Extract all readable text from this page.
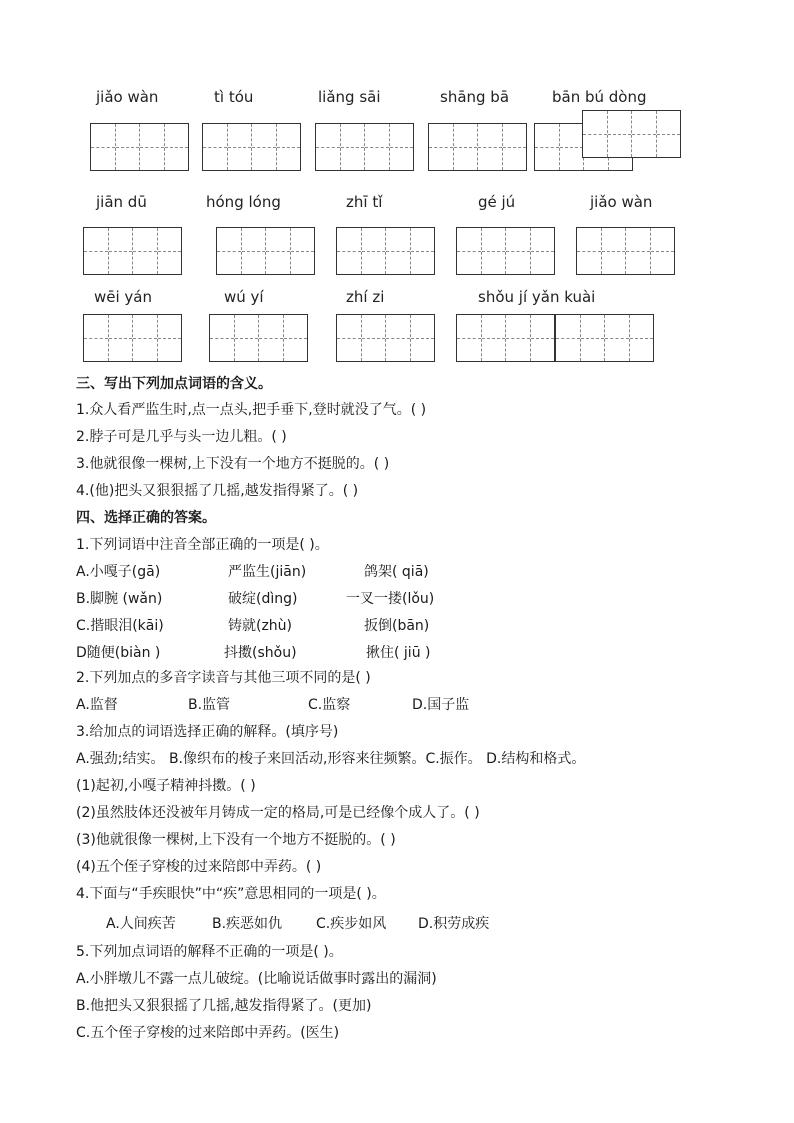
jiǎo wàn	tì tóu	liǎng sāi	shāng bā	bān bú dòng
jiān dū	hóng lóng	zhī tǐ	gé jú	jiǎo wàn
wēi yán	wú yí	zhí zi	shǒu jí yǎn kuài
三、写出下列加点词语的含义。
1.众人看严监生时,点一点头,把手垂下,登时就没了气。( )
2.脖子可是几乎与头一边儿粗。( )
3.他就很像一棵树,上下没有一个地方不挺脱的。( )
4.(他)把头又狠狠摇了几摇,越发指得紧了。( )
四、选择正确的答案。
1.下列词语中注音全部正确的一项是( )。
A.小嘎子(gā)	严监生(jiān)	鸽架( qiā)
B.脚腕 (wǎn)	破绽(dìng)	一叉一搂(lǒu)
C.揩眼泪(kāi)	铸就(zhù)	扳倒(bān)
D随便(biàn )	抖擞(shǒu)	揪住( jiū )
2.下列加点的多音字读音与其他三项不同的是( )
A.监督	B.监管	C.监察	D.国子监
3.给加点的词语选择正确的解释。(填序号)
A.强劲;结实。 B.像织布的梭子来回活动,形容来往频繁。C.振作。 D.结构和格式。
(1)起初,小嘎子精神抖擞。( )
(2)虽然肢体还没被年月铸成一定的格局,可是已经像个成人了。( )
(3)他就很像一棵树,上下没有一个地方不挺脱的。( )
(4)五个侄子穿梭的过来陪郎中弄药。( )
4.下面与“手疾眼快”中“疾”意思相同的一项是( )。
A.人间疾苦	B.疾恶如仇 C.疾步如风 D.积劳成疾
5.下列加点词语的解释不正确的一项是( )。
A.小胖墩儿不露一点儿破绽。(比喻说话做事时露出的漏洞)
B.他把头又狠狠摇了几摇,越发指得紧了。(更加)
C.五个侄子穿梭的过来陪郎中弄药。(医生)
